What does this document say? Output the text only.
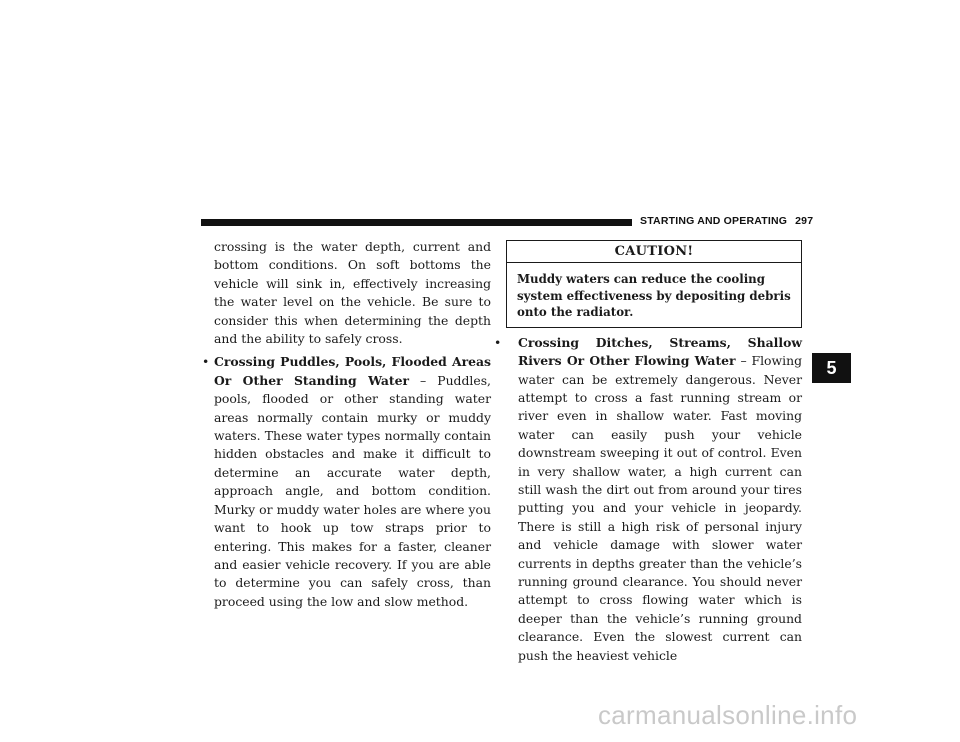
STARTING AND OPERATING 297

crossing is the water depth, current and bottom conditions. On soft bottoms the vehicle will sink in, effectively increasing the water level on the vehicle. Be sure to consider this when determining the depth and the ability to safely cross.

• Crossing Puddles, Pools, Flooded Areas Or Other Standing Water – Puddles, pools, flooded or other standing water areas normally contain murky or muddy waters. These water types normally contain hidden obstacles and make it difficult to determine an accurate water depth, approach angle, and bottom condition. Murky or muddy water holes are where you want to hook up tow straps prior to entering. This makes for a faster, cleaner and easier vehicle recovery. If you are able to determine you can safely cross, than proceed using the low and slow method.
CAUTION!
Muddy waters can reduce the cooling system effectiveness by depositing debris onto the radiator.
• Crossing Ditches, Streams, Shallow Rivers Or Other Flowing Water – Flowing water can be extremely dangerous. Never attempt to cross a fast running stream or river even in shallow water. Fast moving water can easily push your vehicle downstream sweeping it out of control. Even in very shallow water, a high current can still wash the dirt out from around your tires putting you and your vehicle in jeopardy. There is still a high risk of personal injury and vehicle damage with slower water currents in depths greater than the vehicle’s running ground clearance. You should never attempt to cross flowing water which is deeper than the vehicle’s running ground clearance. Even the slowest current can push the heaviest vehicle
5
carmanualsonline.info
